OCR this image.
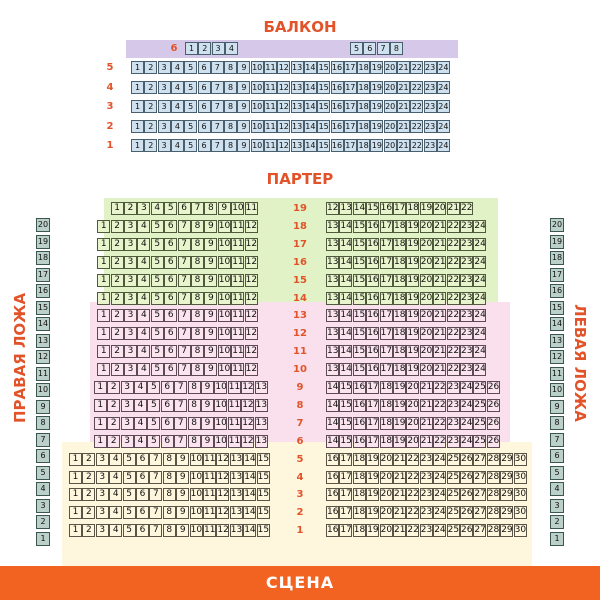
БАЛКОН
ПАРТЕР
6	1	2	3	4	5	6	7	8
5	1	2	3	4	5	6	7	8	9 10 11 12 13 14 15 16 17 18 19 20 21 22 23 24
4	1	2	3	4	5	6	7	8	9 10 11 12 13 14 15 16 17 18 19 20 21 22 23 24
3	1	2	3	4	5	6	7	8	9 10 11 12 13 14 15 16 17 18 19 20 21 22 23 24
2	1	2	3	4	5	6	7	8	9 10 11 12 13 14 15 16 17 18 19 20 21 22 23 24
1	1	2	3	4	5	6	7	8	9 10 11 12 13 14 15 16 17 18 19 20 21 22 23 24
1 2 3 4 5 6 7 8 9 10 11	19	12 13 14 15 16 17 18 19 20 21 22
1 2 3 4 5 6 7 8 9 10 11 12	18	13 14 15 16 17 18 19 20 21 22 23 24
1 2 3 4 5 6 7 8 9 10 11 12	17	13 14 15 16 17 18 19 20 21 22 23 24
1 2 3 4 5 6 7 8 9 10 11 12	16	13 14 15 16 17 18 19 20 21 22 23 24
1 2 3 4 5 6 7 8 9 10 11 12	15	13 14 15 16 17 18 19 20 21 22 23 24
1 2 3 4 5 6 7 8 9 10 11 12	14	13 14 15 16 17 18 19 20 21 22 23 24
1 2 3 4 5 6 7 8 9 10 11 12	13	13 14 15 16 17 18 19 20 21 22 23 24
1 2 3 4 5 6 7 8 9 10 11 12	12	13 14 15 16 17 18 19 20 21 22 23 24
1 2 3 4 5 6 7 8 9 10 11 12	11	13 14 15 16 17 18 19 20 21 22 23 24
1 2 3 4 5 6 7 8 9 10 11 12	10	13 14 15 16 17 18 19 20 21 22 23 24
1 2 3 4 5 6 7 8 9 10 11 12 13	9	14 15 16 17 18 19 20 21 22 23 24 25 26
1 2 3 4 5 6 7 8 9 10 11 12 13	8	14 15 16 17 18 19 20 21 22 23 24 25 26
1 2 3 4 5 6 7 8 9 10 11 12 13	7	14 15 16 17 18 19 20 21 22 23 24 25 26
1 2 3 4 5 6 7 8 9 10 11 12 13	6	14 15 16 17 18 19 20 21 22 23 24 25 26
1 2 3 4 5 6 7 8 9 10 11 12 13 14 15	5	16 17 18 19 20 21 22 23 24 25 26 27 28 29 30
1 2 3 4 5 6 7 8 9 10 11 12 13 14 15	4	16 17 18 19 20 21 22 23 24 25 26 27 28 29 30
1 2 3 4 5 6 7 8 9 10 11 12 13 14 15	3	16 17 18 19 20 21 22 23 24 25 26 27 28 29 30
1 2 3 4 5 6 7 8 9 10 11 12 13 14 15	2	16 17 18 19 20 21 22 23 24 25 26 27 28 29 30
1 2 3 4 5 6 7 8 9 10 11 12 13 14 15	1	16 17 18 19 20 21 22 23 24 25 26 27 28 29 30
20
19
18
17
16
15
14
13
12
11
10
9
8
7
6
5
4
3
2
1
20
19
18
17
16
15
14
13
12
11
10
9
8
7
6
5
4
3
2
1
ПРАВАЯ ЛОЖА	ЛЕВАЯ ЛОЖА
СЦЕНА
